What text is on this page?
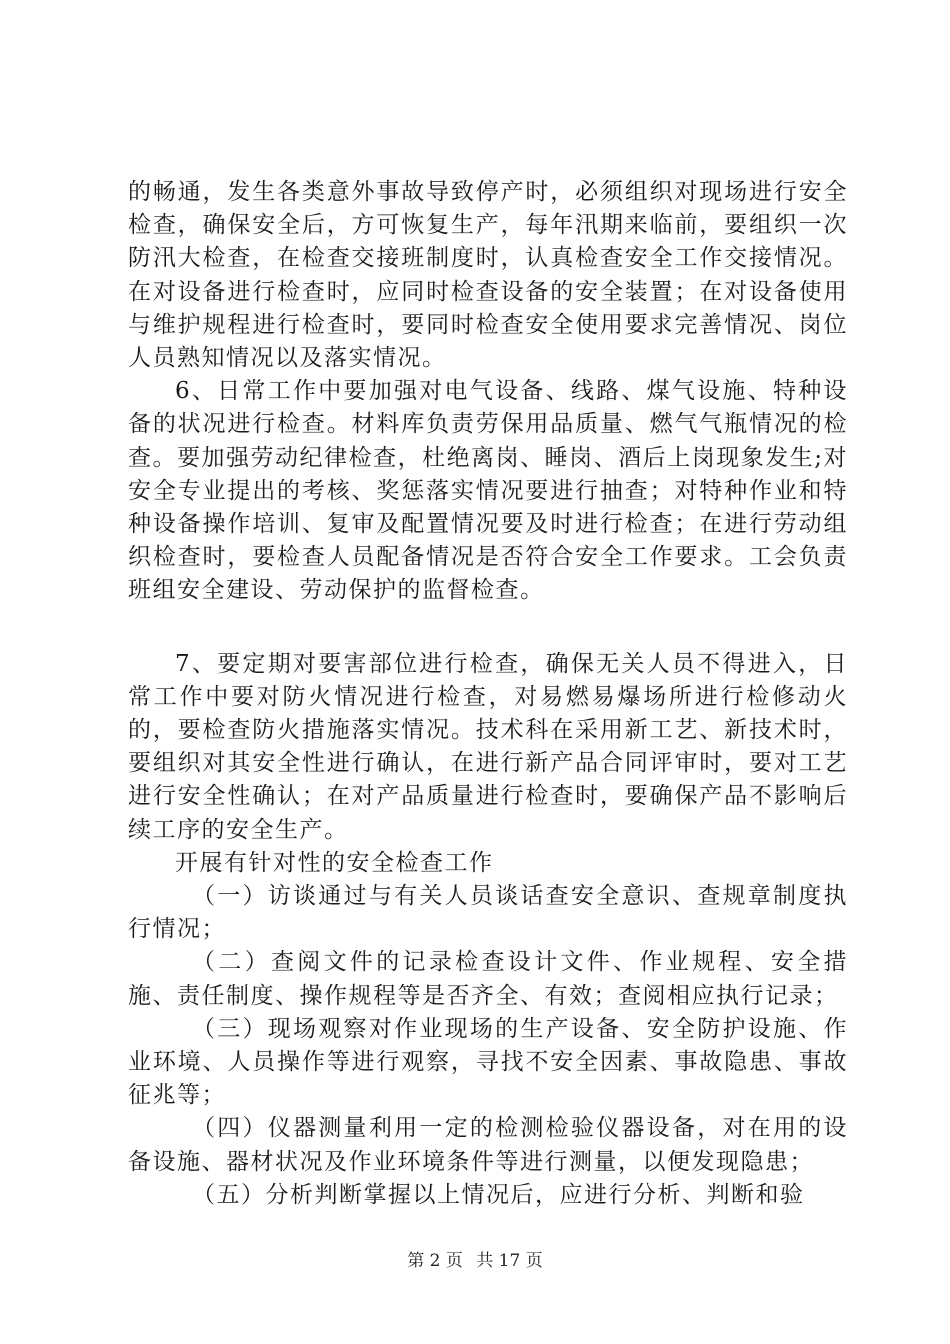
的畅通，发生各类意外事故导致停产时，必须组织对现场进行安全检查，确保安全后，方可恢复生产，每年汛期来临前，要组织一次防汛大检查，在检查交接班制度时，认真检查安全工作交接情况。在对设备进行检查时，应同时检查设备的安全装置；在对设备使用与维护规程进行检查时，要同时检查安全使用要求完善情况、岗位人员熟知情况以及落实情况。

6、日常工作中要加强对电气设备、线路、煤气设施、特种设备的状况进行检查。材料库负责劳保用品质量、燃气气瓶情况的检查。要加强劳动纪律检查，杜绝离岗、睡岗、酒后上岗现象发生;对安全专业提出的考核、奖惩落实情况要进行抽查；对特种作业和特种设备操作培训、复审及配置情况要及时进行检查；在进行劳动组织检查时，要检查人员配备情况是否符合安全工作要求。工会负责班组安全建设、劳动保护的监督检查。

7、要定期对要害部位进行检查，确保无关人员不得进入，日常工作中要对防火情况进行检查，对易燃易爆场所进行检修动火的，要检查防火措施落实情况。技术科在采用新工艺、新技术时，要组织对其安全性进行确认，在进行新产品合同评审时，要对工艺进行安全性确认；在对产品质量进行检查时，要确保产品不影响后续工序的安全生产。

开展有针对性的安全检查工作

（一）访谈通过与有关人员谈话查安全意识、查规章制度执行情况；

（二）查阅文件的记录检查设计文件、作业规程、安全措施、责任制度、操作规程等是否齐全、有效；查阅相应执行记录；

（三）现场观察对作业现场的生产设备、安全防护设施、作业环境、人员操作等进行观察，寻找不安全因素、事故隐患、事故征兆等；

（四）仪器测量利用一定的检测检验仪器设备，对在用的设备设施、器材状况及作业环境条件等进行测量，以便发现隐患；

（五）分析判断掌握以上情况后，应进行分析、判断和验

第 2 页 共 17 页
